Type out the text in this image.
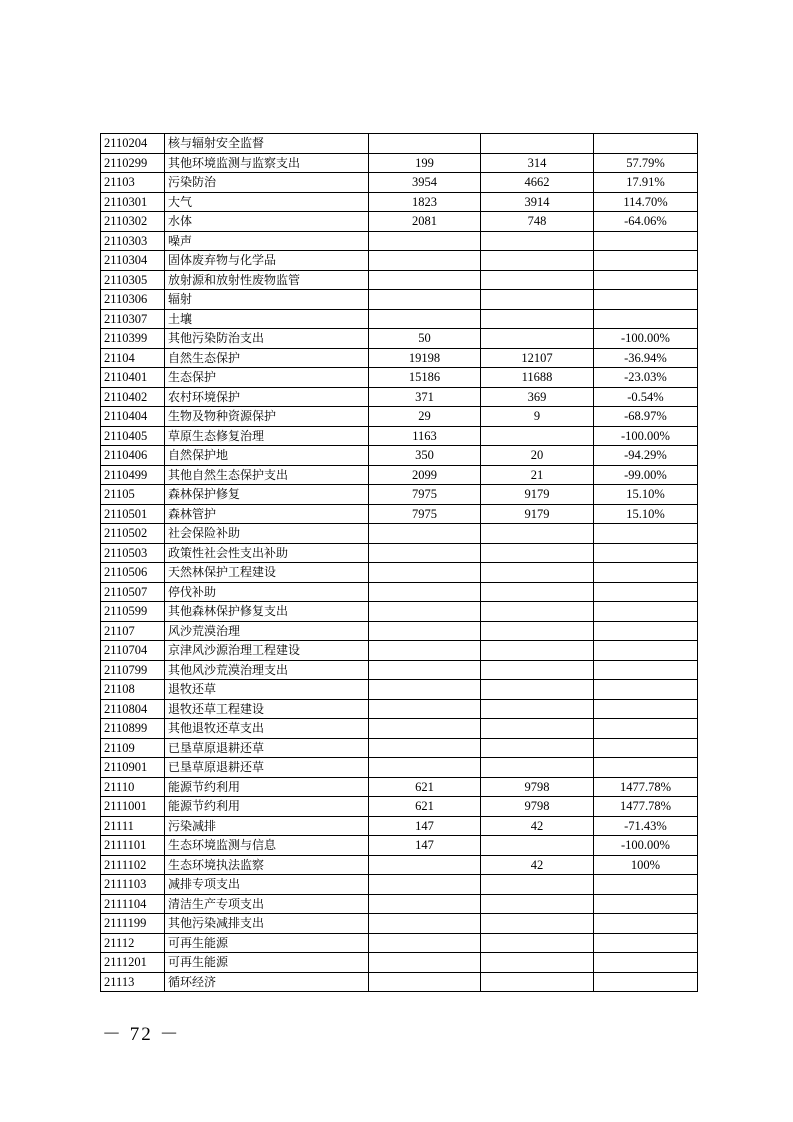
2110204	核与辐射安全监督			
2110299	其他环境监测与监察支出	199	314	57.79%
21103	污染防治	3954	4662	17.91%
2110301	大气	1823	3914	114.70%
2110302	水体	2081	748	-64.06%
2110303	噪声			
2110304	固体废弃物与化学品			
2110305	放射源和放射性废物监管			
2110306	辐射			
2110307	土壤			
2110399	其他污染防治支出	50		-100.00%
21104	自然生态保护	19198	12107	-36.94%
2110401	生态保护	15186	11688	-23.03%
2110402	农村环境保护	371	369	-0.54%
2110404	生物及物种资源保护	29	9	-68.97%
2110405	草原生态修复治理	1163		-100.00%
2110406	自然保护地	350	20	-94.29%
2110499	其他自然生态保护支出	2099	21	-99.00%
21105	森林保护修复	7975	9179	15.10%
2110501	森林管护	7975	9179	15.10%
2110502	社会保险补助			
2110503	政策性社会性支出补助			
2110506	天然林保护工程建设			
2110507	停伐补助			
2110599	其他森林保护修复支出			
21107	风沙荒漠治理			
2110704	京津风沙源治理工程建设			
2110799	其他风沙荒漠治理支出			
21108	退牧还草			
2110804	退牧还草工程建设			
2110899	其他退牧还草支出			
21109	已垦草原退耕还草			
2110901	已垦草原退耕还草			
21110	能源节约利用	621	9798	1477.78%
2111001	能源节约利用	621	9798	1477.78%
21111	污染减排	147	42	-71.43%
2111101	生态环境监测与信息	147		-100.00%
2111102	生态环境执法监察		42	100%
2111103	减排专项支出			
2111104	清洁生产专项支出			
2111199	其他污染减排支出			
21112	可再生能源			
2111201	可再生能源			
21113	循环经济			
－ 72 －
